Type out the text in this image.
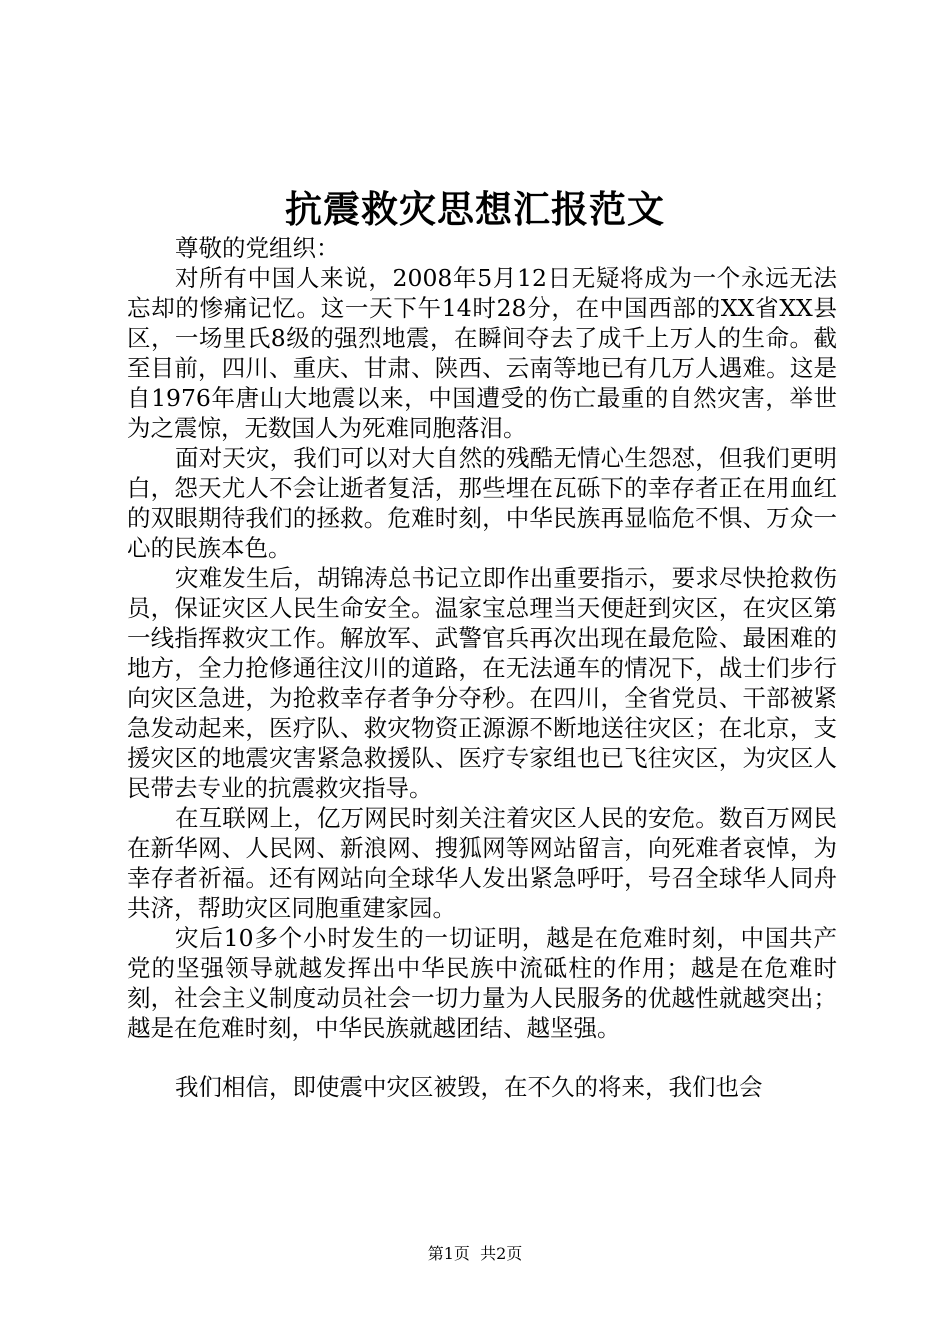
抗震救灾思想汇报范文

尊敬的党组织：

对所有中国人来说，2008年5月12日无疑将成为一个永远无法忘却的惨痛记忆。这一天下午14时28分，在中国西部的XX省XX县区，一场里氏8级的强烈地震，在瞬间夺去了成千上万人的生命。截至目前，四川、重庆、甘肃、陕西、云南等地已有几万人遇难。这是自1976年唐山大地震以来，中国遭受的伤亡最重的自然灾害，举世为之震惊，无数国人为死难同胞落泪。

面对天灾，我们可以对大自然的残酷无情心生怨怼，但我们更明白，怨天尤人不会让逝者复活，那些埋在瓦砾下的幸存者正在用血红的双眼期待我们的拯救。危难时刻，中华民族再显临危不惧、万众一心的民族本色。

灾难发生后，胡锦涛总书记立即作出重要指示，要求尽快抢救伤员，保证灾区人民生命安全。温家宝总理当天便赶到灾区，在灾区第一线指挥救灾工作。解放军、武警官兵再次出现在最危险、最困难的地方，全力抢修通往汶川的道路，在无法通车的情况下，战士们步行向灾区急进，为抢救幸存者争分夺秒。在四川，全省党员、干部被紧急发动起来，医疗队、救灾物资正源源不断地送往灾区；在北京，支援灾区的地震灾害紧急救援队、医疗专家组也已飞往灾区，为灾区人民带去专业的抗震救灾指导。

在互联网上，亿万网民时刻关注着灾区人民的安危。数百万网民在新华网、人民网、新浪网、搜狐网等网站留言，向死难者哀悼，为幸存者祈福。还有网站向全球华人发出紧急呼吁，号召全球华人同舟共济，帮助灾区同胞重建家园。

灾后10多个小时发生的一切证明，越是在危难时刻，中国共产党的坚强领导就越发挥出中华民族中流砥柱的作用；越是在危难时刻，社会主义制度动员社会一切力量为人民服务的优越性就越突出；越是在危难时刻，中华民族就越团结、越坚强。

我们相信，即使震中灾区被毁，在不久的将来，我们也会

第1页 共2页
